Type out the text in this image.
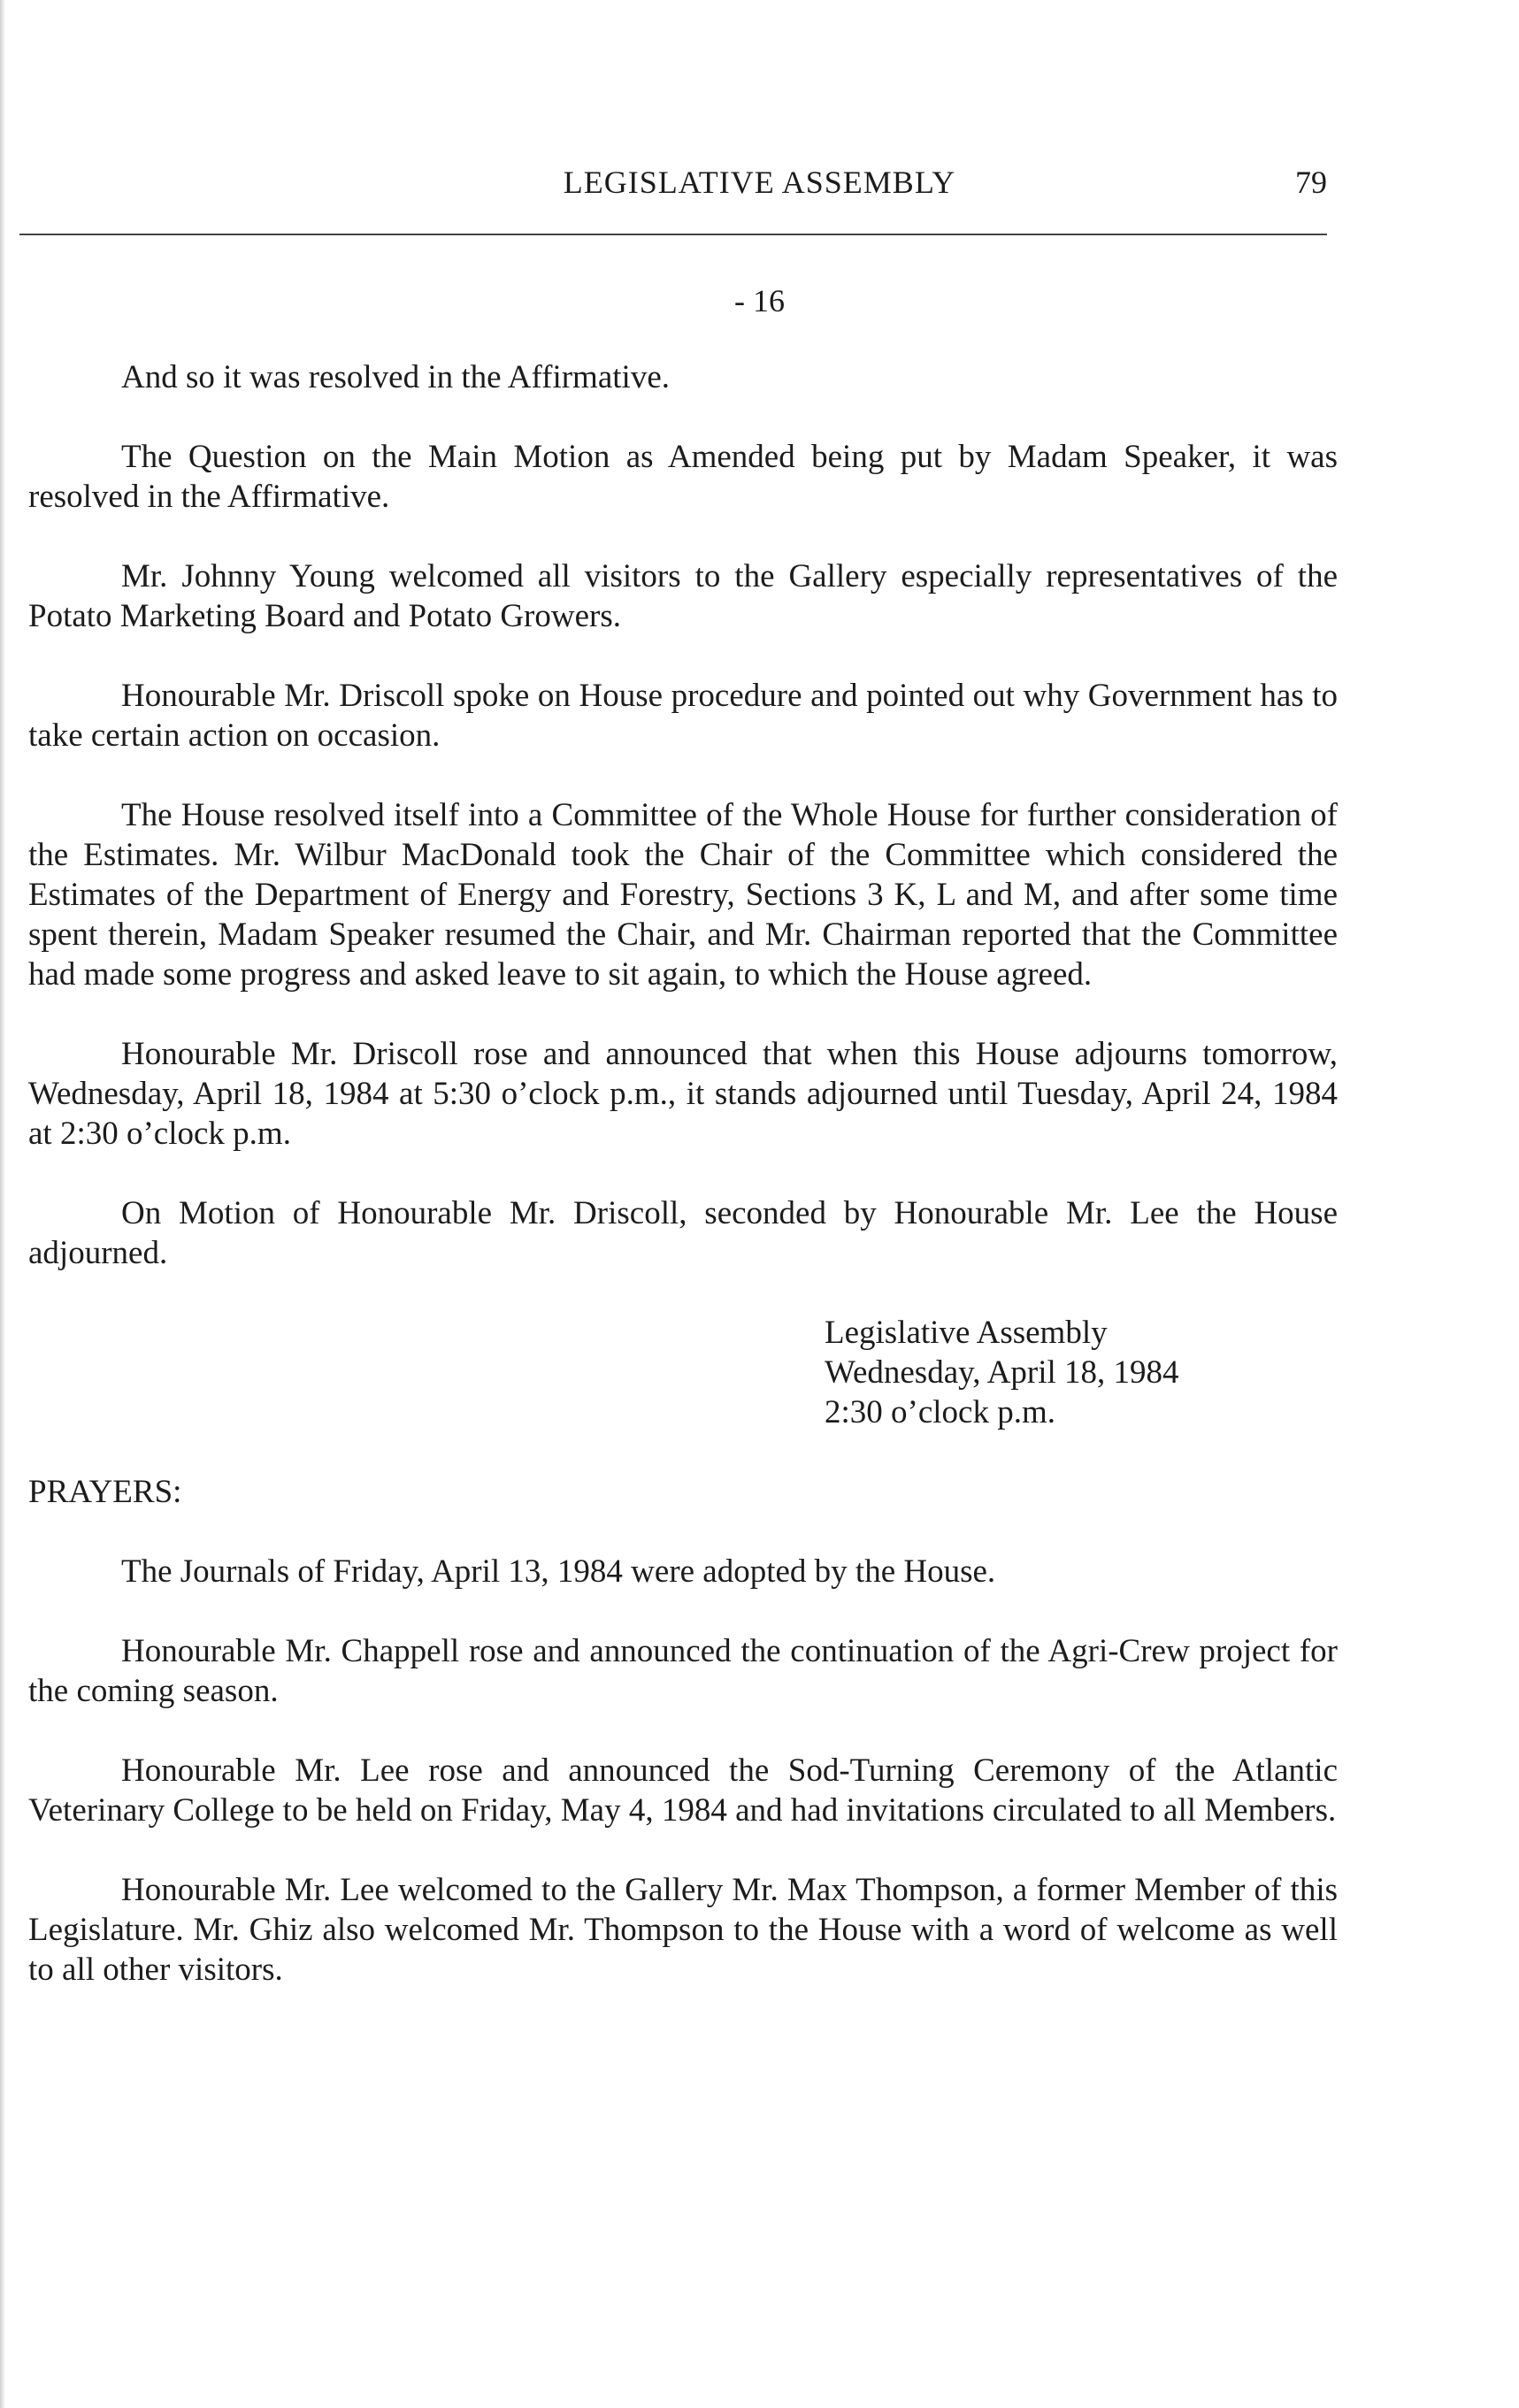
LEGISLATIVE ASSEMBLY	79
- 16

And so it was resolved in the Affirmative.

The Question on the Main Motion as Amended being put by Madam Speaker, it was resolved in the Affirmative.

Mr. Johnny Young welcomed all visitors to the Gallery especially representatives of the Potato Marketing Board and Potato Growers.

Honourable Mr. Driscoll spoke on House procedure and pointed out why Government has to take certain action on occasion.

The House resolved itself into a Committee of the Whole House for further consideration of the Estimates. Mr. Wilbur MacDonald took the Chair of the Committee which considered the Estimates of the Department of Energy and Forestry, Sections 3 K, L and M, and after some time spent therein, Madam Speaker resumed the Chair, and Mr. Chairman reported that the Committee had made some progress and asked leave to sit again, to which the House agreed.

Honourable Mr. Driscoll rose and announced that when this House adjourns tomorrow, Wednesday, April 18, 1984 at 5:30 o’clock p.m., it stands adjourned until Tuesday, April 24, 1984 at 2:30 o’clock p.m.

On Motion of Honourable Mr. Driscoll, seconded by Honourable Mr. Lee the House adjourned.

Legislative Assembly
Wednesday, April 18, 1984
2:30 o’clock p.m.

PRAYERS:

The Journals of Friday, April 13, 1984 were adopted by the House.

Honourable Mr. Chappell rose and announced the continuation of the Agri-Crew project for the coming season.

Honourable Mr. Lee rose and announced the Sod-Turning Ceremony of the Atlantic Veterinary College to be held on Friday, May 4, 1984 and had invitations circulated to all Members.

Honourable Mr. Lee welcomed to the Gallery Mr. Max Thompson, a former Member of this Legislature. Mr. Ghiz also welcomed Mr. Thompson to the House with a word of welcome as well to all other visitors.
